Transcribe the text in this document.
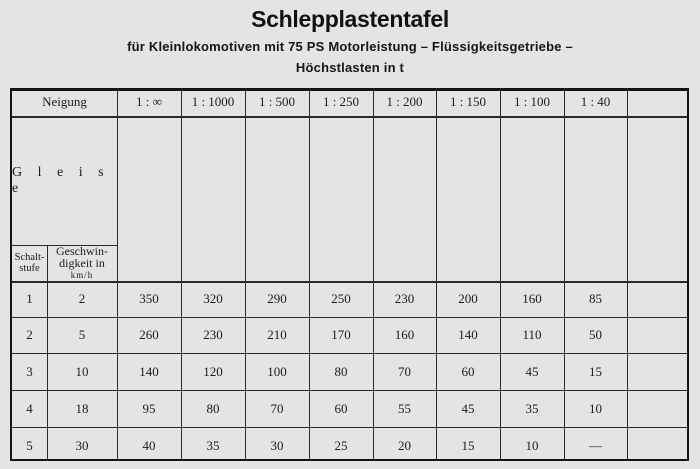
Schlepplastentafel
für Kleinlokomotiven mit 75 PS Motorleistung – Flüssigkeitsgetriebe –
Höchstlasten in t
Neigung	1 : ∞	1 : 1000	1 : 500	1 : 250	1 : 200	1 : 150	1 : 100	1 : 40
G l e i s e
Schalt-
stufe
Geschwin-
digkeit in
km/h
1	2	350	320	290	250	230	200	160	85
2	5	260	230	210	170	160	140	110	50
3	10	140	120	100	80	70	60	45	15
4	18	95	80	70	60	55	45	35	10
5	30	40	35	30	25	20	15	10	—
